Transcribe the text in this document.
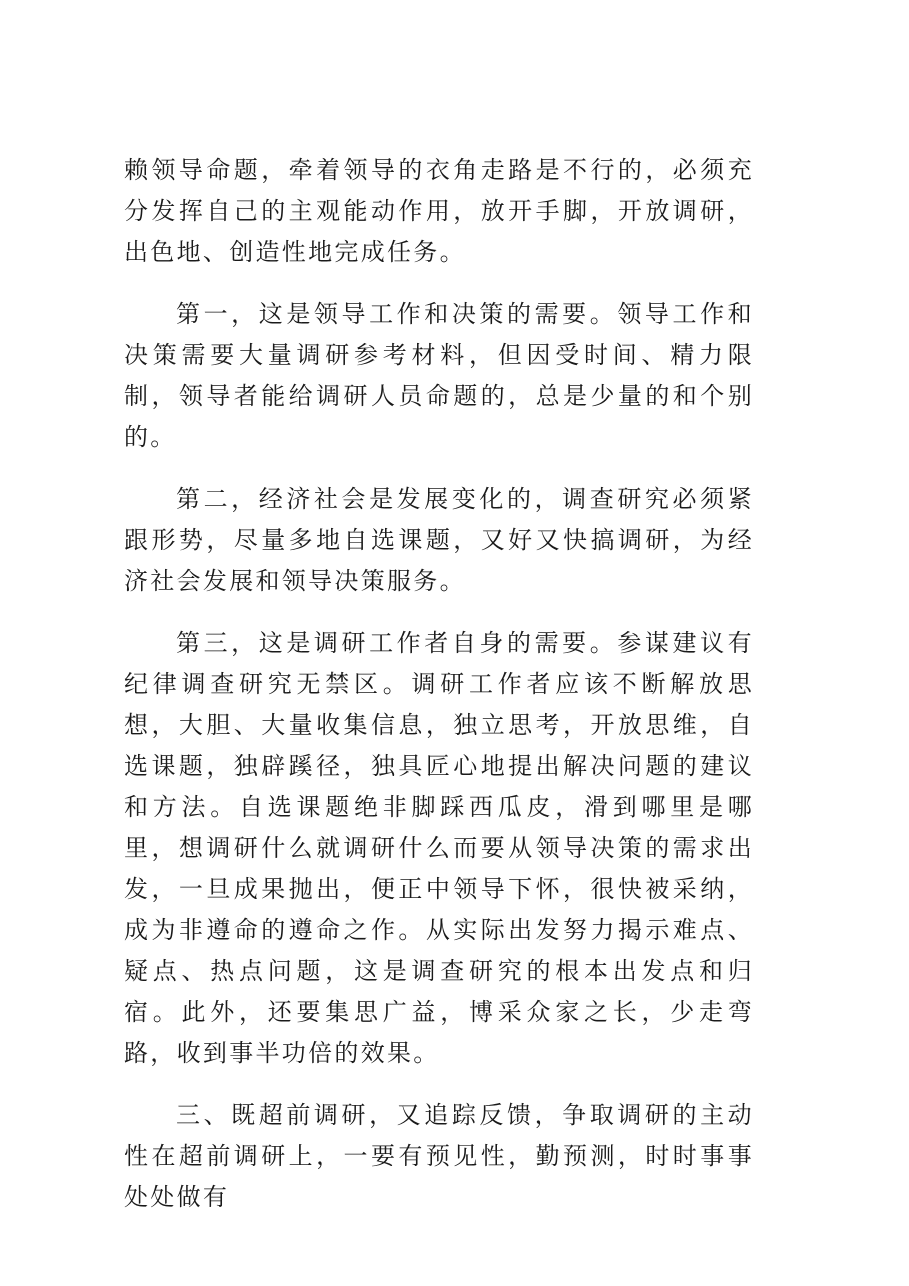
赖领导命题，牵着领导的衣角走路是不行的，必须充分发挥自己的主观能动作用，放开手脚，开放调研，出色地、创造性地完成任务。

第一，这是领导工作和决策的需要。领导工作和决策需要大量调研参考材料，但因受时间、精力限制，领导者能给调研人员命题的，总是少量的和个别的。

第二，经济社会是发展变化的，调查研究必须紧跟形势，尽量多地自选课题，又好又快搞调研，为经济社会发展和领导决策服务。

第三，这是调研工作者自身的需要。参谋建议有纪律调查研究无禁区。调研工作者应该不断解放思想，大胆、大量收集信息，独立思考，开放思维，自选课题，独辟蹊径，独具匠心地提出解决问题的建议和方法。自选课题绝非脚踩西瓜皮，滑到哪里是哪里，想调研什么就调研什么而要从领导决策的需求出发，一旦成果抛出，便正中领导下怀，很快被采纳，成为非遵命的遵命之作。从实际出发努力揭示难点、疑点、热点问题，这是调查研究的根本出发点和归宿。此外，还要集思广益，博采众家之长，少走弯路，收到事半功倍的效果。

三、既超前调研，又追踪反馈，争取调研的主动性在超前调研上，一要有预见性，勤预测，时时事事处处做有
